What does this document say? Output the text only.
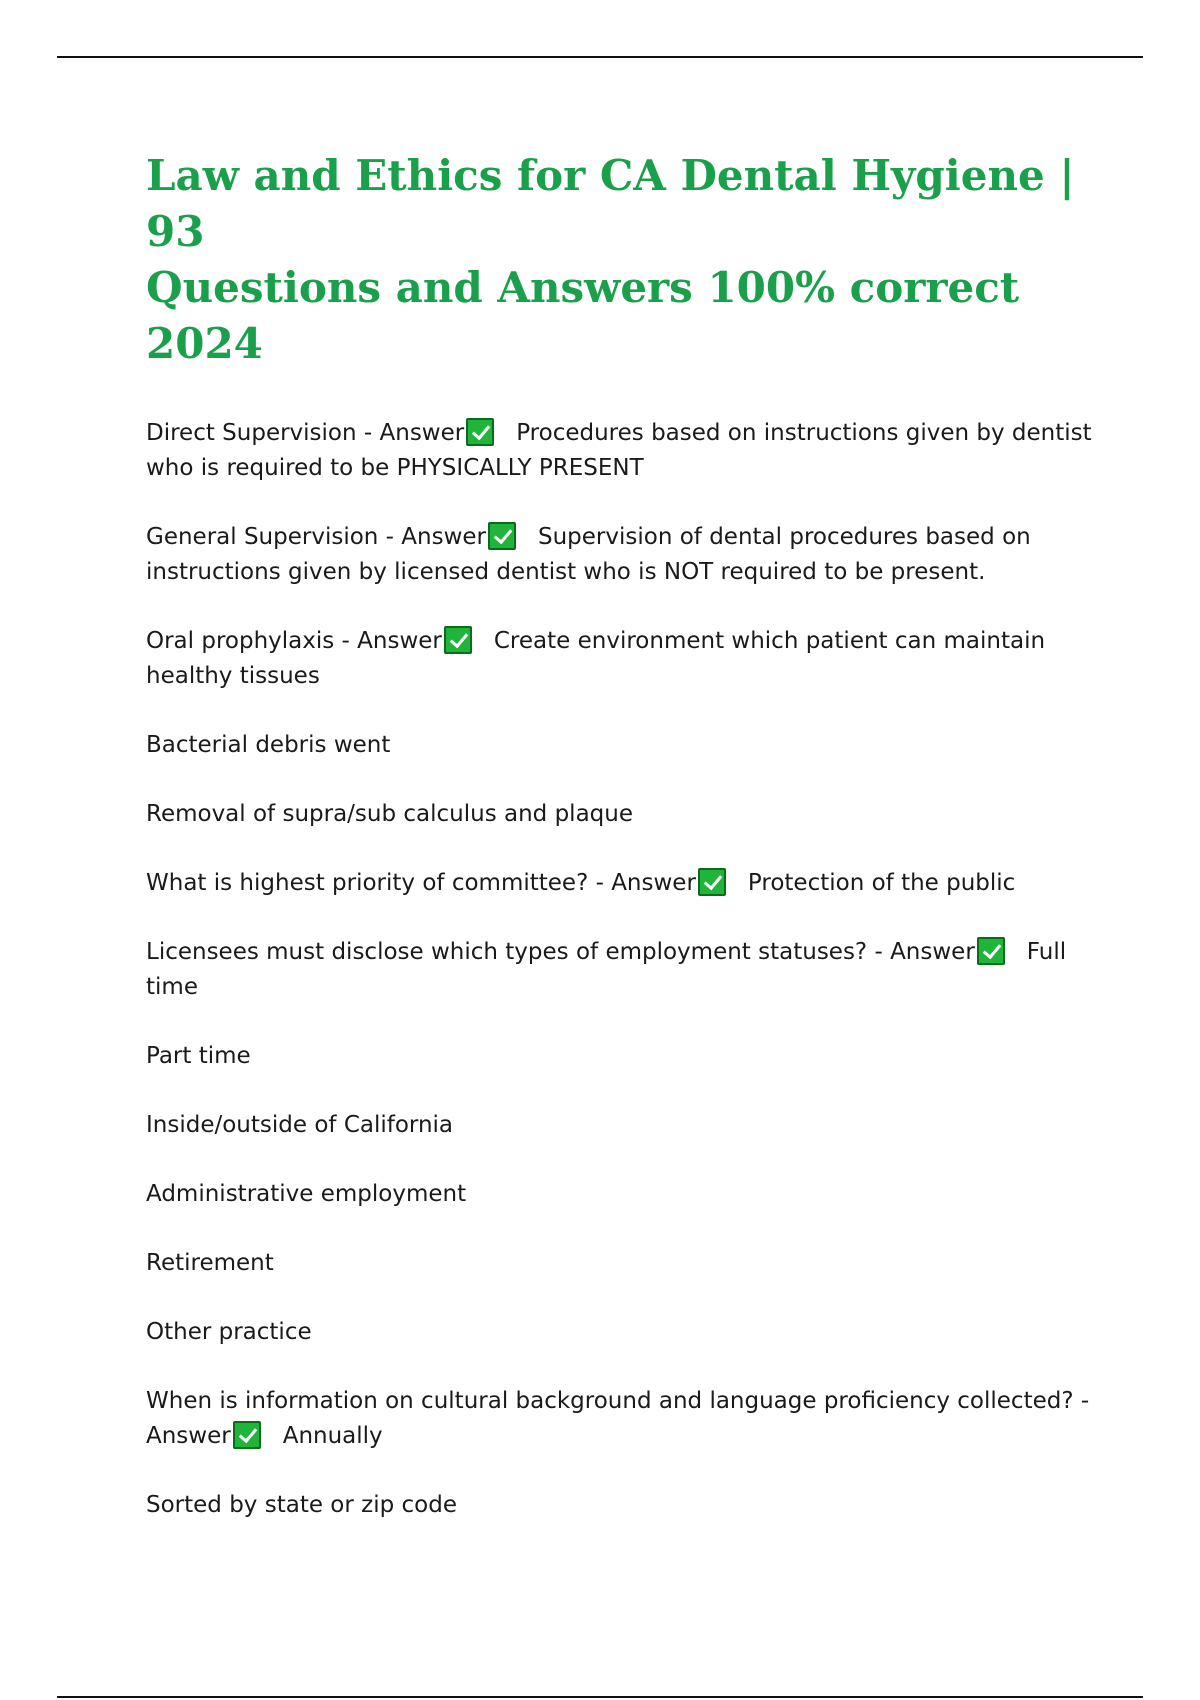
Law and Ethics for CA Dental Hygiene | 93
Questions and Answers 100% correct 2024

Direct Supervision - Answer Procedures based on instructions given by dentist who is required to be PHYSICALLY PRESENT

General Supervision - Answer Supervision of dental procedures based on instructions given by licensed dentist who is NOT required to be present.

Oral prophylaxis - Answer Create environment which patient can maintain healthy tissues

Bacterial debris went

Removal of supra/sub calculus and plaque

What is highest priority of committee? - Answer Protection of the public

Licensees must disclose which types of employment statuses? - Answer Full time

Part time

Inside/outside of California

Administrative employment

Retirement

Other practice

When is information on cultural background and language proficiency collected? - Answer Annually

Sorted by state or zip code
